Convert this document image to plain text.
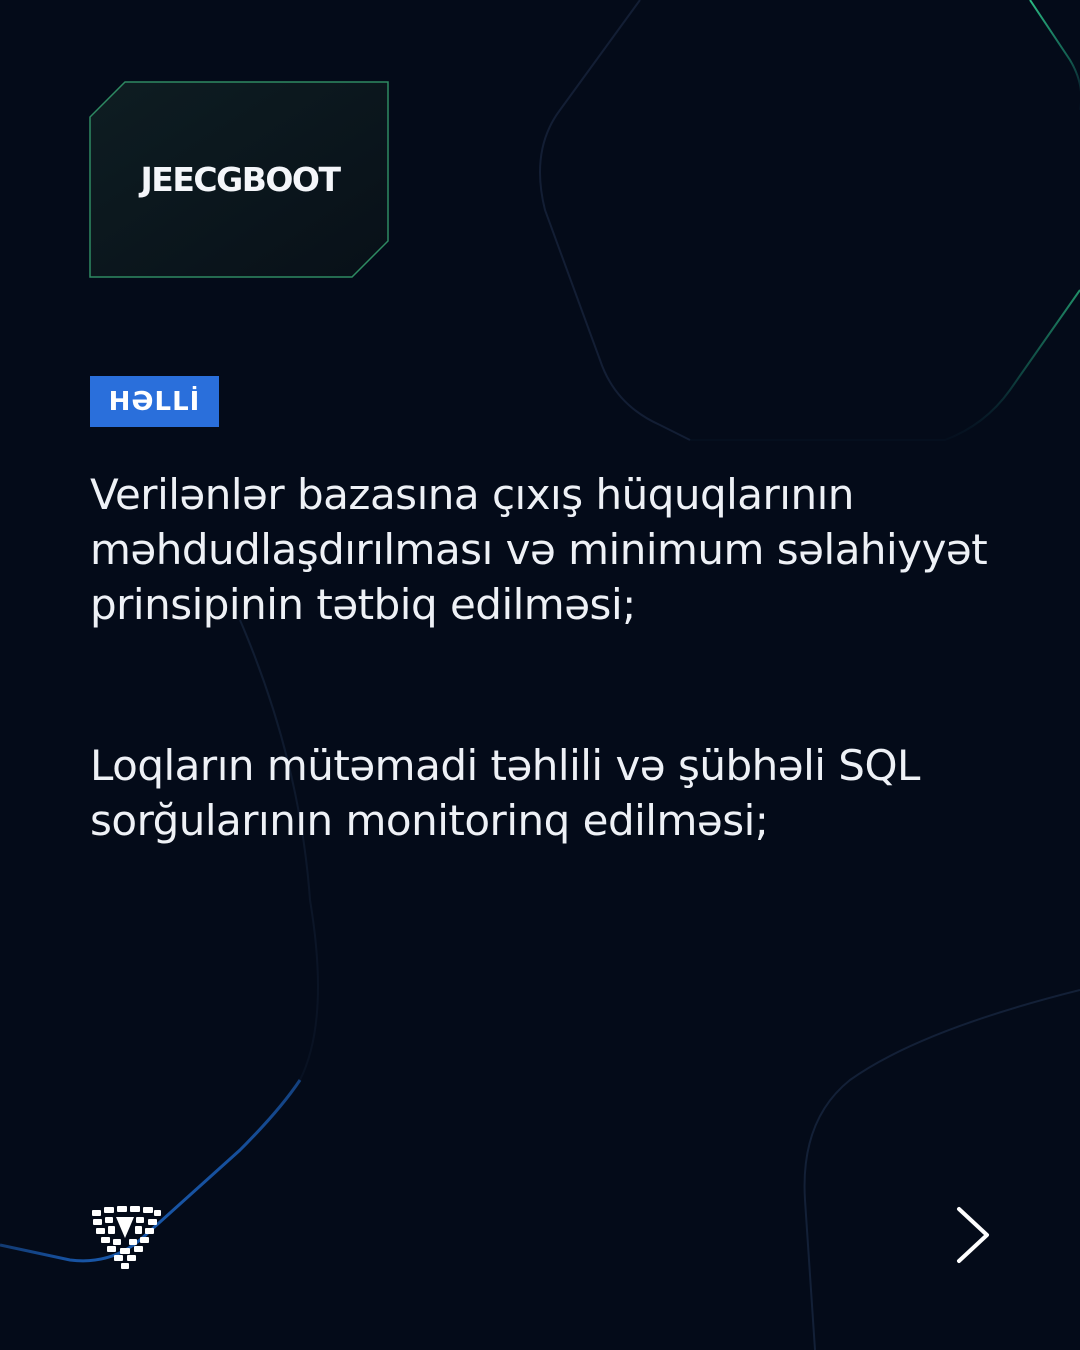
JEECGBOOT
HƏLLİ

Verilənlər bazasına çıxış hüquqlarının məhdudlaşdırılması və minimum səlahiyyət prinsipinin tətbiq edilməsi;

Loqların mütəmadi təhlili və şübhəli SQL sorğularının monitorinq edilməsi;
